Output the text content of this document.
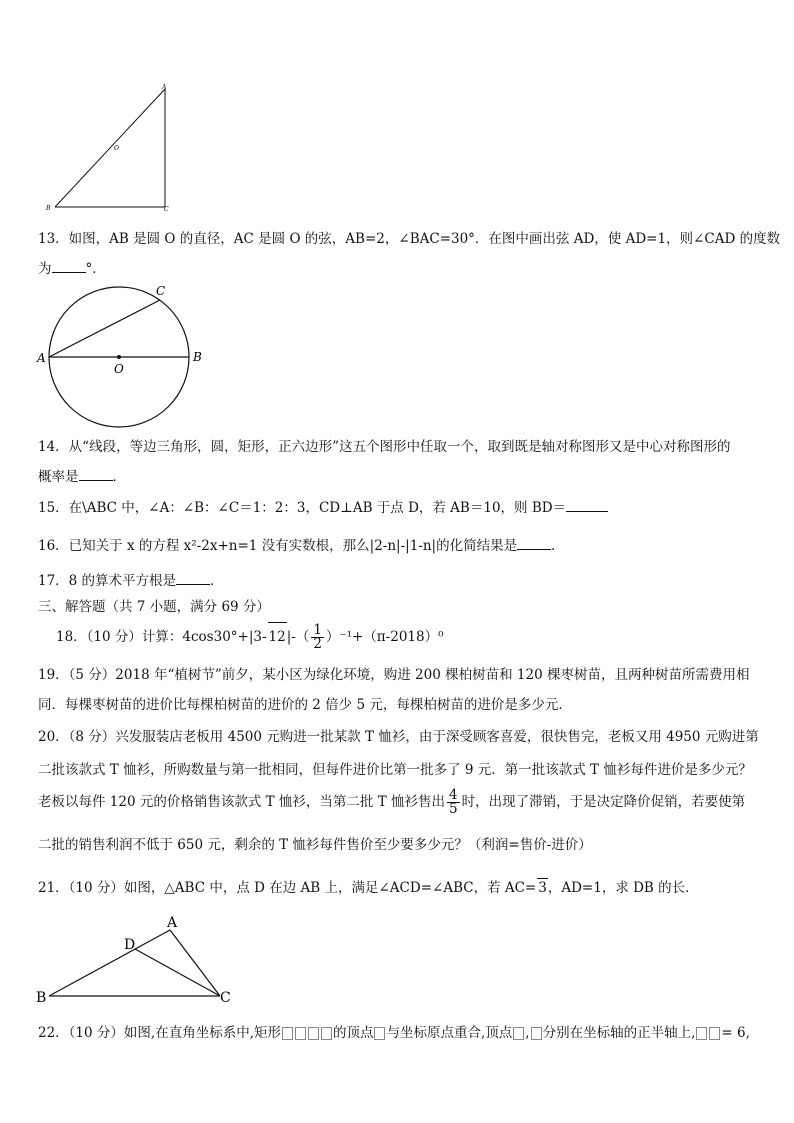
A
O
B	C
13．如图，AB 是圆 O 的直径，AC 是圆 O 的弦，AB=2，∠BAC=30°．在图中画出弦 AD，使 AD=1，则∠CAD 的度数
为	°．
A	B
C
O
14．从“线段，等边三角形，圆，矩形，正六边形”这五个图形中任取一个，取到既是轴对称图形又是中心对称图形的
概率是	．
15．在\ABC 中，∠A：∠B：∠C＝1：2：3，CD⊥AB 于点 D，若 AB＝10，则 BD＝
16．已知关于 x 的方程 x²-2x+n=1 没有实数根，那么|2-n|-|1-n|的化简结果是	．
17．8 的算术平方根是	．
三、解答题（共 7 小题，满分 69 分）
18．（10 分）计算：4cos30°+|3- $12|-( \frac{1}{2} )^{-1}+(\pi-2018)^0$
19．（5 分）2018 年“植树节”前夕，某小区为绿化环境，购进 200 棵柏树苗和 120 棵枣树苗，且两种树苗所需费用相
同．每棵枣树苗的进价比每棵柏树苗的进价的 2 倍少 5 元，每棵柏树苗的进价是多少元．
20．（8 分）兴发服装店老板用 4500 元购进一批某款 T 恤衫，由于深受顾客喜爱，很快售完，老板又用 4950 元购进第
二批该款式 T 恤衫，所购数量与第一批相同，但每件进价比第一批多了 9 元．第一批该款式 T 恤衫每件进价是多少元？
老板以每件 120 元的价格销售该款式 T 恤衫，当第二批 T 恤衫售出 $\frac{4}{5}$ 时，出现了滞销，于是决定降价促销，若要使第
二批的销售利润不低于 650 元，剩余的 T 恤衫每件售价至少要多少元？（利润=售价-进价）
21．（10 分）如图，△ABC 中，点 D 在边 AB 上，满足∠ACD=∠ABC，若 AC= 3，AD=1，求 DB 的长．
A
B	C
D
22．（10 分）如图,在直角坐标系中,矩形	的顶点 与坐标原点重合,顶点 , 分别在坐标轴的正半轴上, = 6,
